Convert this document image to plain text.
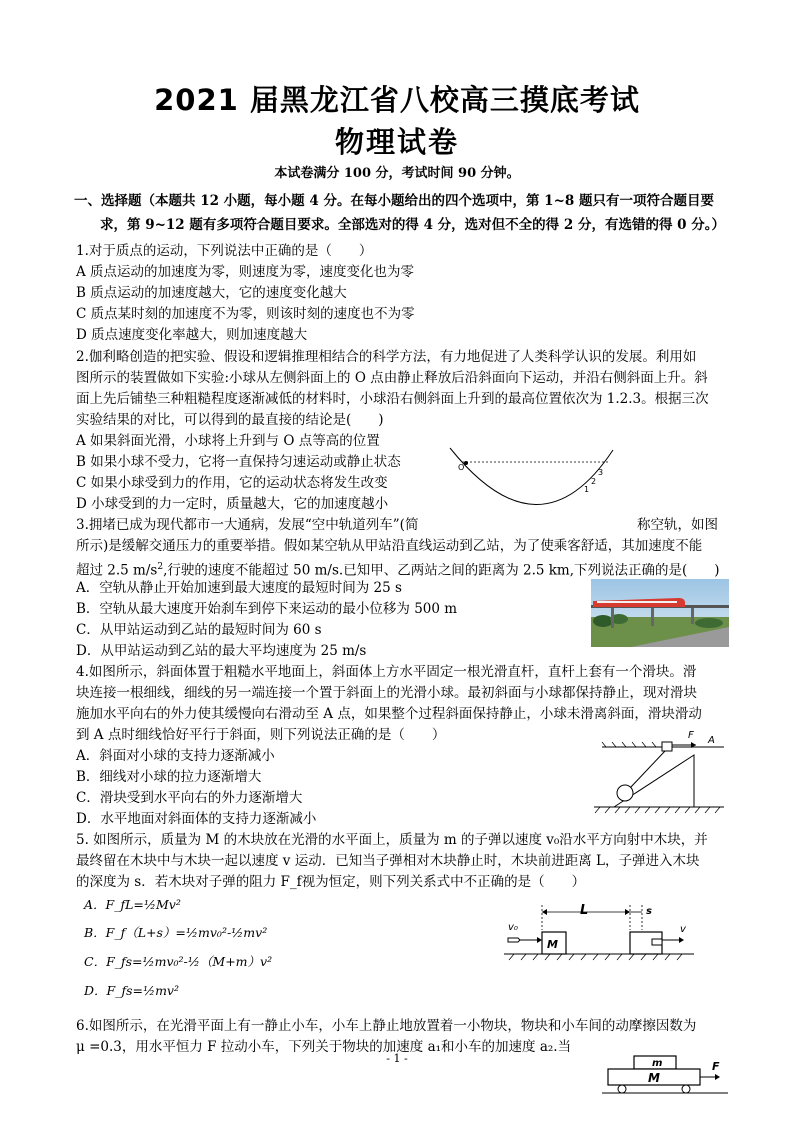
2021 届黑龙江省八校高三摸底考试
物理试卷
本试卷满分 100 分，考试时间 90 分钟。
一、选择题（本题共 12 小题，每小题 4 分。在每小题给出的四个选项中，第 1~8 题只有一项符合题目要
求，第 9~12 题有多项符合题目要求。全部选对的得 4 分，选对但不全的得 2 分，有选错的得 0 分。）
1.对于质点的运动，下列说法中正确的是（　　）
A 质点运动的加速度为零，则速度为零，速度变化也为零
B 质点运动的加速度越大，它的速度变化越大
C 质点某时刻的加速度不为零，则该时刻的速度也不为零
D 质点速度变化率越大，则加速度越大
2.伽利略创造的把实验、假设和逻辑推理相结合的科学方法，有力地促进了人类科学认识的发展。利用如
图所示的装置做如下实验:小球从左侧斜面上的 O 点由静止释放后沿斜面向下运动，并沿右侧斜面上升。斜
面上先后铺垫三种粗糙程度逐渐减低的材料时，小球沿右侧斜面上升到的最高位置依次为 1.2.3。根据三次
实验结果的对比，可以得到的最直接的结论是(　　)
A 如果斜面光滑，小球将上升到与 O 点等高的位置
B 如果小球不受力，它将一直保持匀速运动或静止状态
C 如果小球受到力的作用，它的运动状态将发生改变
D 小球受到的力一定时，质量越大，它的加速度越小
O
1
2
3
3.拥堵已成为现代都市一大通病，发展“空中轨道列车”(简	称空轨，如图
所示)是缓解交通压力的重要举措。假如某空轨从甲站沿直线运动到乙站，为了使乘客舒适，其加速度不能
超过 2.5 $m/s^2$,行驶的速度不能超过 50 m/s.已知甲、乙两站之间的距离为 2.5 km,下列说法正确的是(　　)
A．空轨从静止开始加速到最大速度的最短时间为 25 s
B．空轨从最大速度开始刹车到停下来运动的最小位移为 500 m
C．从甲站运动到乙站的最短时间为 60 s
D．从甲站运动到乙站的最大平均速度为 25 m/s
4.如图所示，斜面体置于粗糙水平地面上，斜面体上方水平固定一根光滑直杆，直杆上套有一个滑块。滑
块连接一根细线，细线的另一端连接一个置于斜面上的光滑小球。最初斜面与小球都保持静止，现对滑块
施加水平向右的外力使其缓慢向右滑动至 A 点，如果整个过程斜面保持静止，小球未滑离斜面，滑块滑动
到 A 点时细线恰好平行于斜面，则下列说法正确的是（　　）
A．斜面对小球的支持力逐渐减小
B．细线对小球的拉力逐渐增大
C．滑块受到水平向右的外力逐渐增大
D．水平地面对斜面体的支持力逐渐减小
F A
5. 如图所示，质量为 M 的木块放在光滑的水平面上，质量为 m 的子弹以速度 v₀沿水平方向射中木块，并
最终留在木块中与木块一起以速度 v 运动．已知当子弹相对木块静止时，木块前进距离 L，子弹进入木块
的深度为 s．若木块对子弹的阻力 F_f视为恒定，则下列关系式中不正确的是（　　）
A．F_fL=½Mv²
B．F_f（L+s）=½mv₀²-½mv²
C．F_fs=½mv₀²-½（M+m）v²
D．F_fs=½mv²
v₀
M
L	s
v
6.如图所示，在光滑平面上有一静止小车，小车上静止地放置着一小物块，物块和小车间的动摩擦因数为
μ =0.3，用水平恒力 F 拉动小车，下列关于物块的加速度 a₁和小车的加速度 a₂.当
m
M
F
- 1 -
